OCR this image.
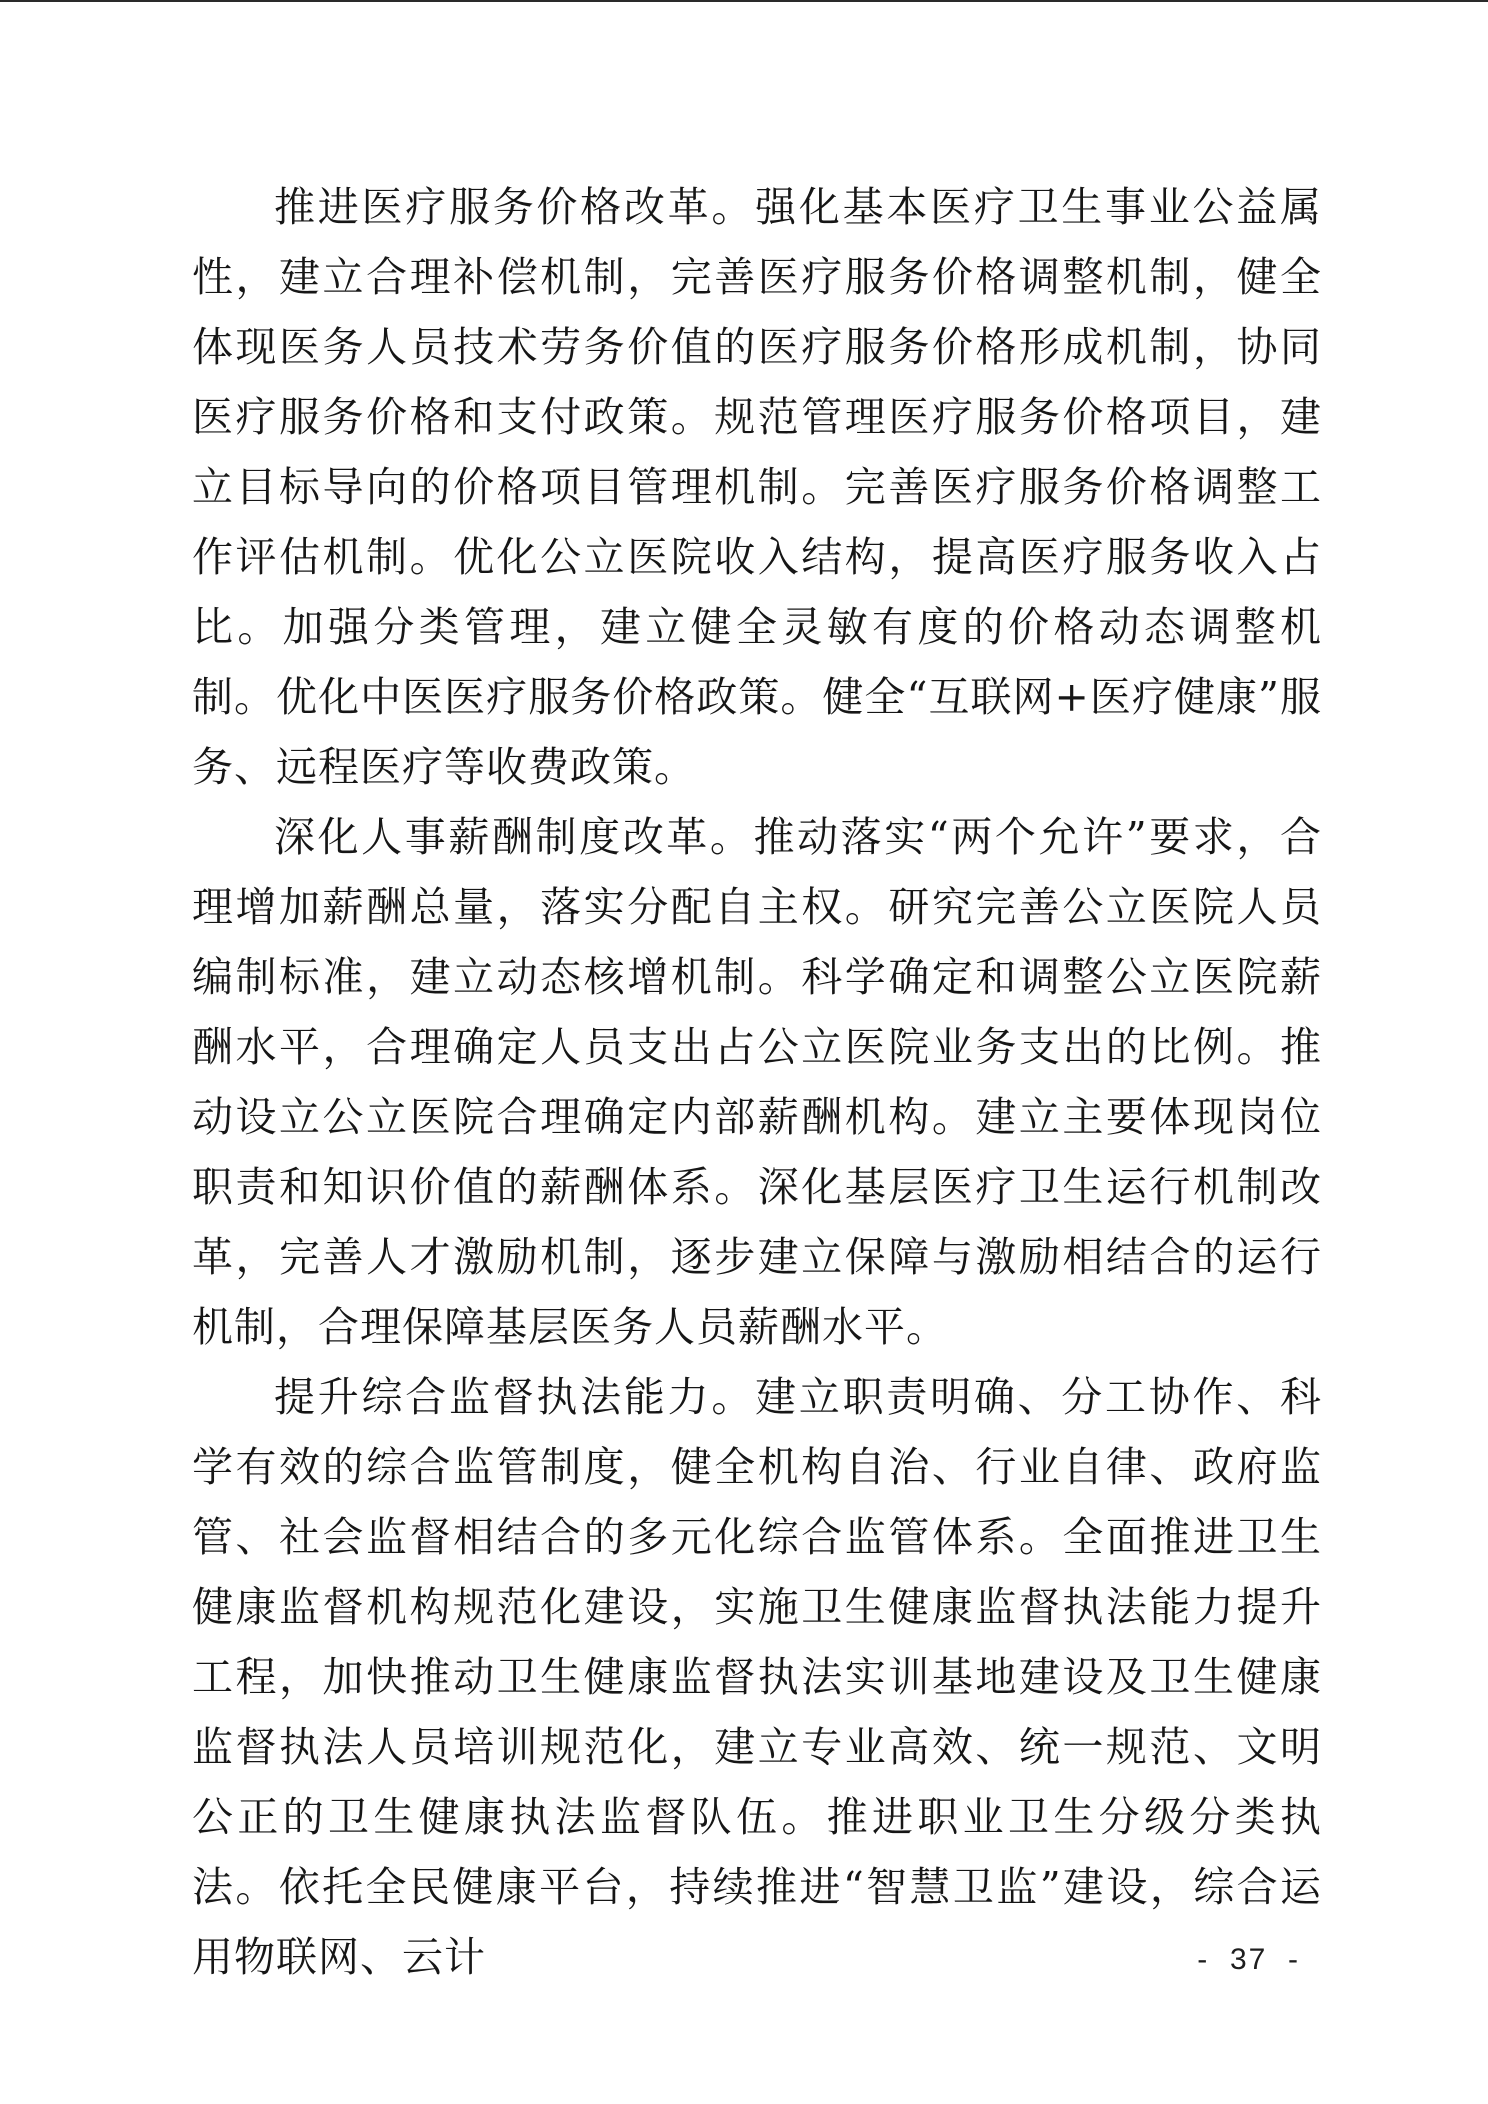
推进医疗服务价格改革。强化基本医疗卫生事业公益属性，建立合理补偿机制，完善医疗服务价格调整机制，健全体现医务人员技术劳务价值的医疗服务价格形成机制，协同医疗服务价格和支付政策。规范管理医疗服务价格项目，建立目标导向的价格项目管理机制。完善医疗服务价格调整工作评估机制。优化公立医院收入结构，提高医疗服务收入占比。加强分类管理，建立健全灵敏有度的价格动态调整机制。优化中医医疗服务价格政策。健全“互联网+医疗健康”服务、远程医疗等收费政策。

深化人事薪酬制度改革。推动落实“两个允许”要求，合理增加薪酬总量，落实分配自主权。研究完善公立医院人员编制标准，建立动态核增机制。科学确定和调整公立医院薪酬水平，合理确定人员支出占公立医院业务支出的比例。推动设立公立医院合理确定内部薪酬机构。建立主要体现岗位职责和知识价值的薪酬体系。深化基层医疗卫生运行机制改革，完善人才激励机制，逐步建立保障与激励相结合的运行机制，合理保障基层医务人员薪酬水平。

提升综合监督执法能力。建立职责明确、分工协作、科学有效的综合监管制度，健全机构自治、行业自律、政府监管、社会监督相结合的多元化综合监管体系。全面推进卫生健康监督机构规范化建设，实施卫生健康监督执法能力提升工程，加快推动卫生健康监督执法实训基地建设及卫生健康监督执法人员培训规范化，建立专业高效、统一规范、文明公正的卫生健康执法监督队伍。推进职业卫生分级分类执法。依托全民健康平台，持续推进“智慧卫监”建设，综合运用物联网、云计	-  37  -
